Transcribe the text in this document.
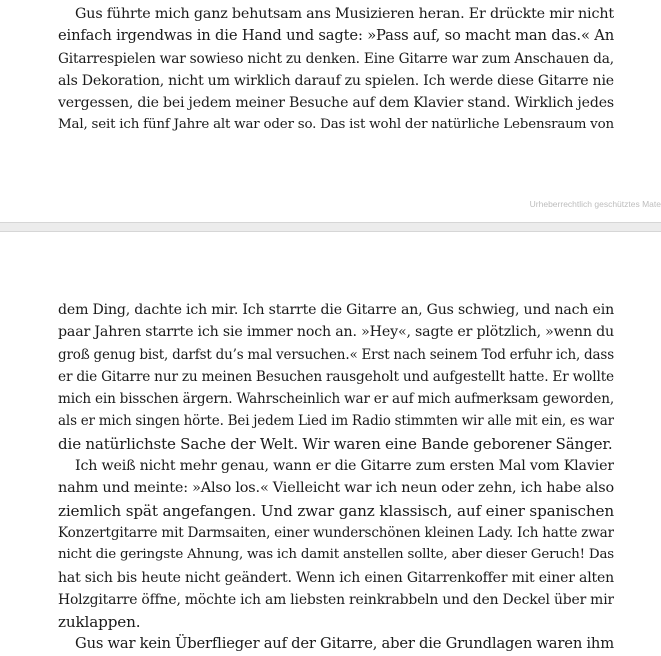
Gus führte mich ganz behutsam ans Musizieren heran. Er drückte mir nicht
einfach irgendwas in die Hand und sagte: »Pass auf, so macht man das.« An
Gitarrespielen war sowieso nicht zu denken. Eine Gitarre war zum Anschauen da,
als Dekoration, nicht um wirklich darauf zu spielen. Ich werde diese Gitarre nie
vergessen, die bei jedem meiner Besuche auf dem Klavier stand. Wirklich jedes
Mal, seit ich fünf Jahre alt war oder so. Das ist wohl der natürliche Lebensraum von
Urheberrechtlich geschütztes Mate
dem Ding, dachte ich mir. Ich starrte die Gitarre an, Gus schwieg, und nach ein
paar Jahren starrte ich sie immer noch an. »Hey«, sagte er plötzlich, »wenn du
groß genug bist, darfst du’s mal versuchen.« Erst nach seinem Tod erfuhr ich, dass
er die Gitarre nur zu meinen Besuchen rausgeholt und aufgestellt hatte. Er wollte
mich ein bisschen ärgern. Wahrscheinlich war er auf mich aufmerksam geworden,
als er mich singen hörte. Bei jedem Lied im Radio stimmten wir alle mit ein, es war
die natürlichste Sache der Welt. Wir waren eine Bande geborener Sänger.
Ich weiß nicht mehr genau, wann er die Gitarre zum ersten Mal vom Klavier
nahm und meinte: »Also los.« Vielleicht war ich neun oder zehn, ich habe also
ziemlich spät angefangen. Und zwar ganz klassisch, auf einer spanischen
Konzertgitarre mit Darmsaiten, einer wunderschönen kleinen Lady. Ich hatte zwar
nicht die geringste Ahnung, was ich damit anstellen sollte, aber dieser Geruch! Das
hat sich bis heute nicht geändert. Wenn ich einen Gitarrenkoffer mit einer alten
Holzgitarre öffne, möchte ich am liebsten reinkrabbeln und den Deckel über mir
zuklappen.
Gus war kein Überflieger auf der Gitarre, aber die Grundlagen waren ihm
